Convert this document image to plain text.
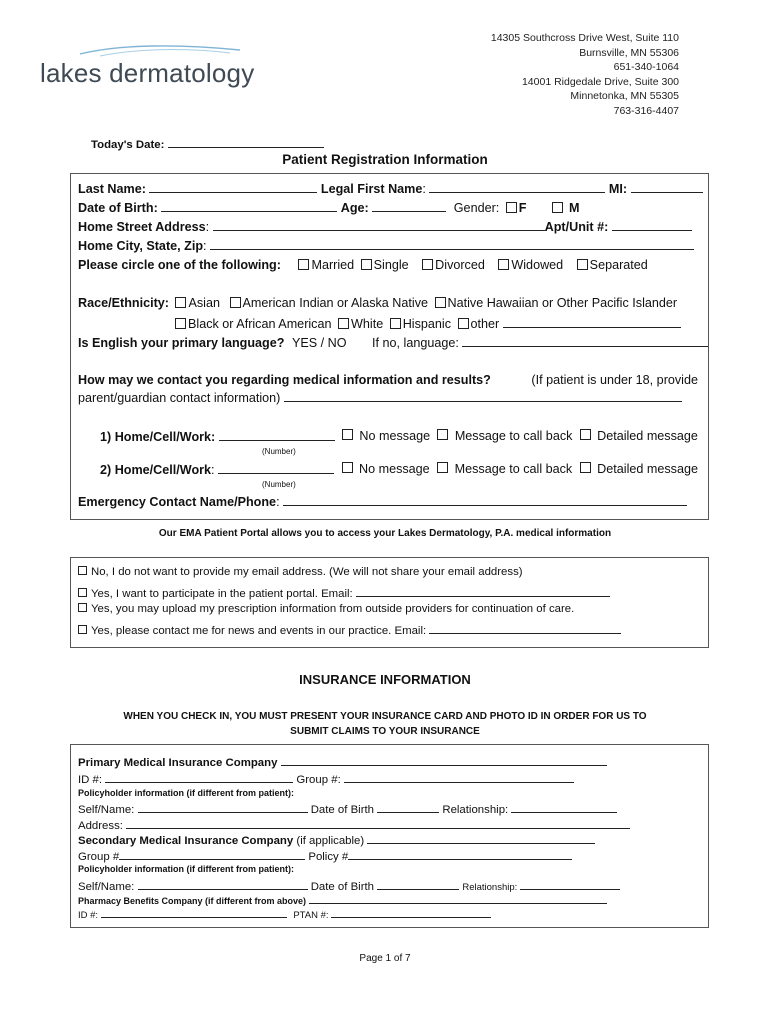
lakes dermatology
14305 Southcross Drive West, Suite 110
Burnsville, MN 55306
651-340-1064
14001 Ridgedale Drive, Suite 300
Minnetonka, MN 55305
763-316-4407
Today's Date:
Patient Registration Information
Last Name:	Legal First Name:	MI:
Date of Birth:	Age:	Gender: F	M
Home Street Address:	Apt/Unit #:
Home City, State, Zip:
Please circle one of the following: Married Single Divorced Widowed Separated
Race/Ethnicity: Asian American Indian or Alaska Native Native Hawaiian or Other Pacific Islander
Black or African American White Hispanic other
Is English your primary language? YES / NO If no, language:
How may we contact you regarding medical information and results?	(If patient is under 18, provide
parent/guardian contact information)
1) Home/Cell/Work:	No message Message to call back Detailed message
(Number)
2) Home/Cell/Work:	No message Message to call back Detailed message
(Number)
Emergency Contact Name/Phone:
Our EMA Patient Portal allows you to access your Lakes Dermatology, P.A. medical information
No, I do not want to provide my email address. (We will not share your email address)
Yes, I want to participate in the patient portal. Email:
Yes, you may upload my prescription information from outside providers for continuation of care.
Yes, please contact me for news and events in our practice. Email:
INSURANCE INFORMATION
WHEN YOU CHECK IN, YOU MUST PRESENT YOUR INSURANCE CARD AND PHOTO ID IN ORDER FOR US TO
SUBMIT CLAIMS TO YOUR INSURANCE
Primary Medical Insurance Company
ID #:	Group #:
Policyholder information (if different from patient):
Self/Name:	Date of Birth	Relationship:
Address:
Secondary Medical Insurance Company (if applicable)
Group #	Policy #
Policyholder information (if different from patient):
Self/Name:	Date of Birth	Relationship:
Pharmacy Benefits Company (if different from above)
ID #:	PTAN #:
Page 1 of 7
